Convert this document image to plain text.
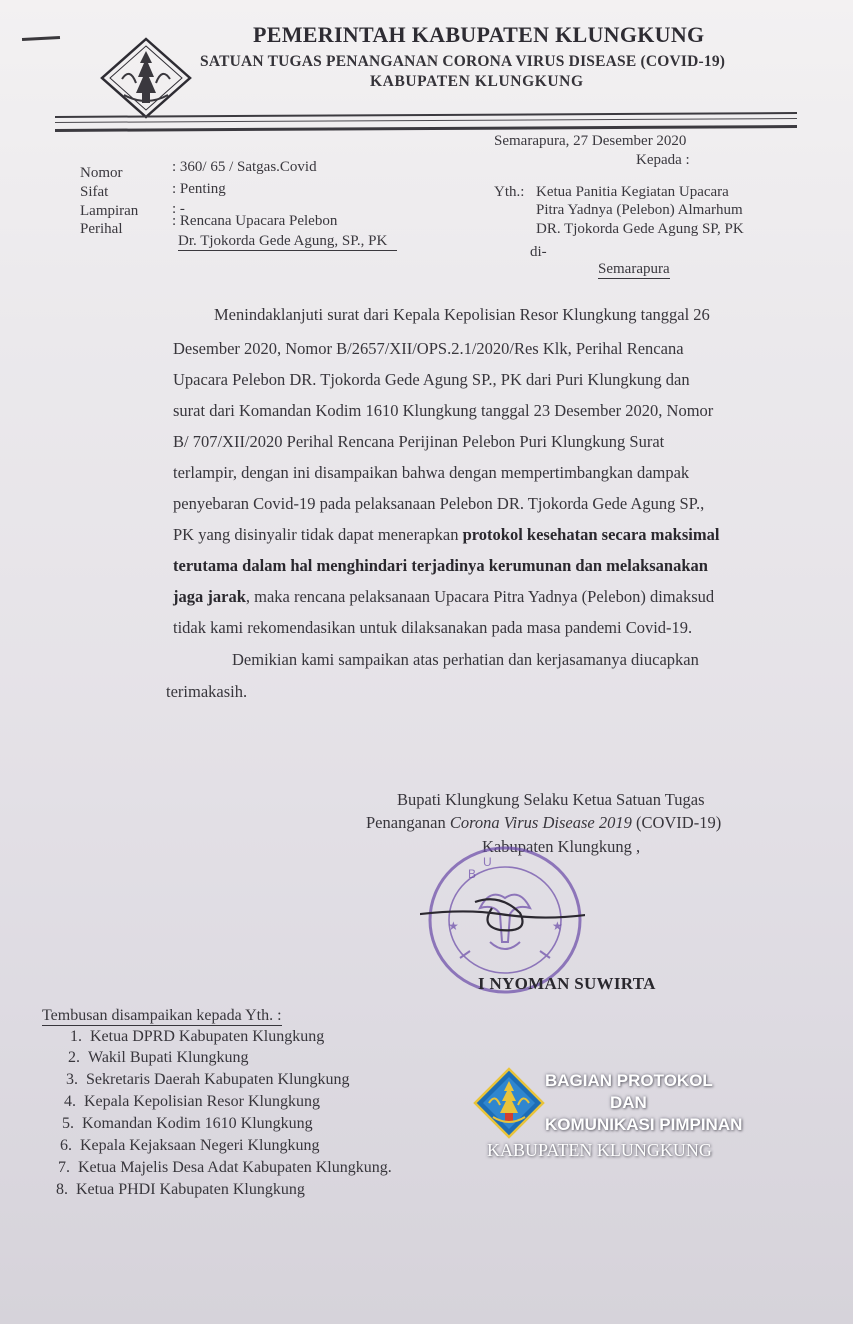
PEMERINTAH KABUPATEN KLUNGKUNG
SATUAN TUGAS PENANGANAN CORONA VIRUS DISEASE (COVID-19)
KABUPATEN KLUNGKUNG
Semarapura, 27 Desember 2020
Kepada :
Nomor	: 360/ 65 / Satgas.Covid
Sifat	: Penting
Lampiran : -
Perihal	: Rencana Upacara Pelebon
Dr. Tjokorda Gede Agung, SP., PK
Yth.: Ketua Panitia Kegiatan Upacara
Pitra Yadnya (Pelebon) Almarhum
DR. Tjokorda Gede Agung SP, PK
di-
Semarapura
Menindaklanjuti surat dari Kepala Kepolisian Resor Klungkung tanggal 26
Desember 2020, Nomor B/2657/XII/OPS.2.1/2020/Res Klk, Perihal Rencana
Upacara Pelebon DR. Tjokorda Gede Agung SP., PK dari Puri Klungkung dan
surat dari Komandan Kodim 1610 Klungkung tanggal 23 Desember 2020, Nomor
B/ 707/XII/2020 Perihal Rencana Perijinan Pelebon Puri Klungkung Surat
terlampir, dengan ini disampaikan bahwa dengan mempertimbangkan dampak
penyebaran Covid-19 pada pelaksanaan Pelebon DR. Tjokorda Gede Agung SP.,
PK yang disinyalir tidak dapat menerapkan protokol kesehatan secara maksimal
terutama dalam hal menghindari terjadinya kerumunan dan melaksanakan
jaga jarak, maka rencana pelaksanaan Upacara Pitra Yadnya (Pelebon) dimaksud
tidak kami rekomendasikan untuk dilaksanakan pada masa pandemi Covid-19.
Demikian kami sampaikan atas perhatian dan kerjasamanya diucapkan
terimakasih.
Bupati Klungkung Selaku Ketua Satuan Tugas
Penanganan Corona Virus Disease 2019 (COVID-19)
Kabupaten Klungkung ,
B
U
★	★
I NYOMAN SUWIRTA
Tembusan disampaikan kepada Yth. :
1. Ketua DPRD Kabupaten Klungkung
2. Wakil Bupati Klungkung
3. Sekretaris Daerah Kabupaten Klungkung
4. Kepala Kepolisian Resor Klungkung
5. Komandan Kodim 1610 Klungkung
6. Kepala Kejaksaan Negeri Klungkung
7. Ketua Majelis Desa Adat Kabupaten Klungkung.
8. Ketua PHDI Kabupaten Klungkung
BAGIAN PROTOKOL
DAN
KOMUNIKASI PIMPINAN
KABUPATEN KLUNGKUNG
